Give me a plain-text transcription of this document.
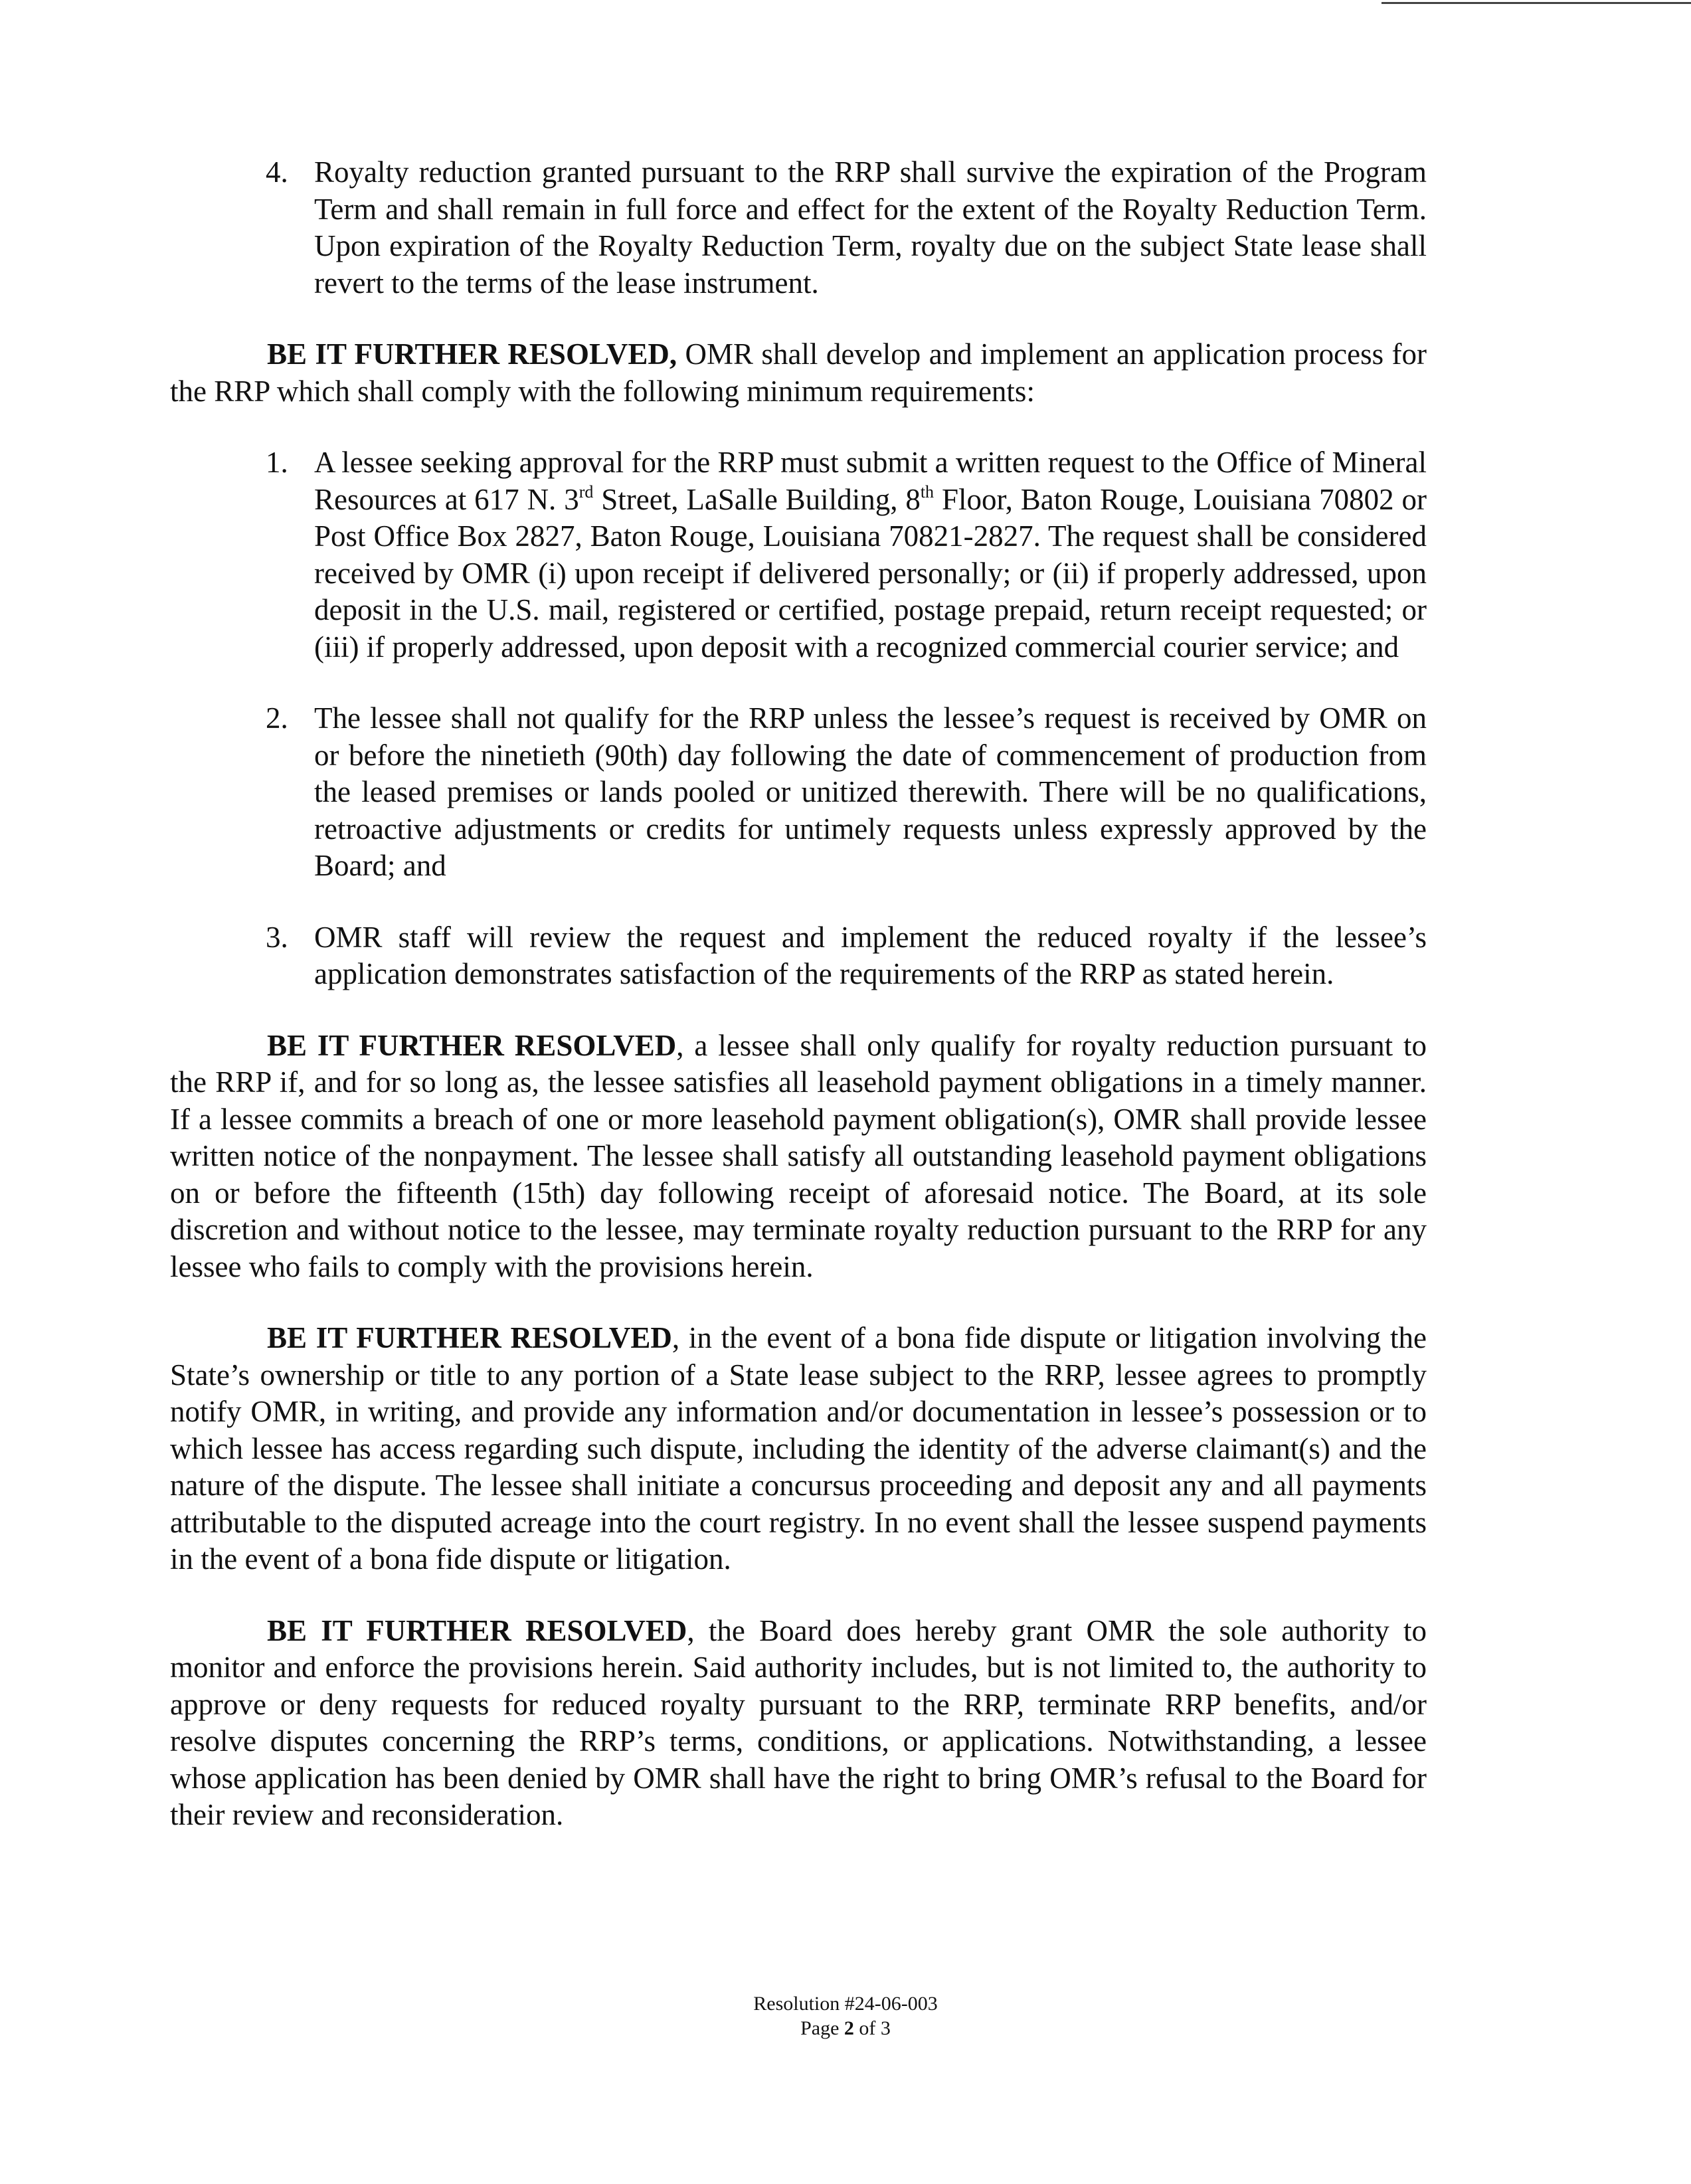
4. Royalty reduction granted pursuant to the RRP shall survive the expiration of the Program Term and shall remain in full force and effect for the extent of the Royalty Reduction Term. Upon expiration of the Royalty Reduction Term, royalty due on the subject State lease shall revert to the terms of the lease instrument.

BE IT FURTHER RESOLVED, OMR shall develop and implement an application process for the RRP which shall comply with the following minimum requirements:

1. A lessee seeking approval for the RRP must submit a written request to the Office of Mineral Resources at 617 N. 3rd Street, LaSalle Building, 8th Floor, Baton Rouge, Louisiana 70802 or Post Office Box 2827, Baton Rouge, Louisiana 70821-2827. The request shall be considered received by OMR (i) upon receipt if delivered personally; or (ii) if properly addressed, upon deposit in the U.S. mail, registered or certified, postage prepaid, return receipt requested; or (iii) if properly addressed, upon deposit with a recognized commercial courier service; and
2. The lessee shall not qualify for the RRP unless the lessee’s request is received by OMR on or before the ninetieth (90th) day following the date of commencement of production from the leased premises or lands pooled or unitized therewith. There will be no qualifications, retroactive adjustments or credits for untimely requests unless expressly approved by the Board; and
3. OMR staff will review the request and implement the reduced royalty if the lessee’s application demonstrates satisfaction of the requirements of the RRP as stated herein.

BE IT FURTHER RESOLVED, a lessee shall only qualify for royalty reduction pursuant to the RRP if, and for so long as, the lessee satisfies all leasehold payment obligations in a timely manner. If a lessee commits a breach of one or more leasehold payment obligation(s), OMR shall provide lessee written notice of the nonpayment. The lessee shall satisfy all outstanding leasehold payment obligations on or before the fifteenth (15th) day following receipt of aforesaid notice. The Board, at its sole discretion and without notice to the lessee, may terminate royalty reduction pursuant to the RRP for any lessee who fails to comply with the provisions herein.

BE IT FURTHER RESOLVED, in the event of a bona fide dispute or litigation involving the State’s ownership or title to any portion of a State lease subject to the RRP, lessee agrees to promptly notify OMR, in writing, and provide any information and/or documentation in lessee’s possession or to which lessee has access regarding such dispute, including the identity of the adverse claimant(s) and the nature of the dispute. The lessee shall initiate a concursus proceeding and deposit any and all payments attributable to the disputed acreage into the court registry. In no event shall the lessee suspend payments in the event of a bona fide dispute or litigation.

BE IT FURTHER RESOLVED, the Board does hereby grant OMR the sole authority to monitor and enforce the provisions herein. Said authority includes, but is not limited to, the authority to approve or deny requests for reduced royalty pursuant to the RRP, terminate RRP benefits, and/or resolve disputes concerning the RRP’s terms, conditions, or applications. Notwithstanding, a lessee whose application has been denied by OMR shall have the right to bring OMR’s refusal to the Board for their review and reconsideration.

Resolution #24-06-003
Page 2 of 3
